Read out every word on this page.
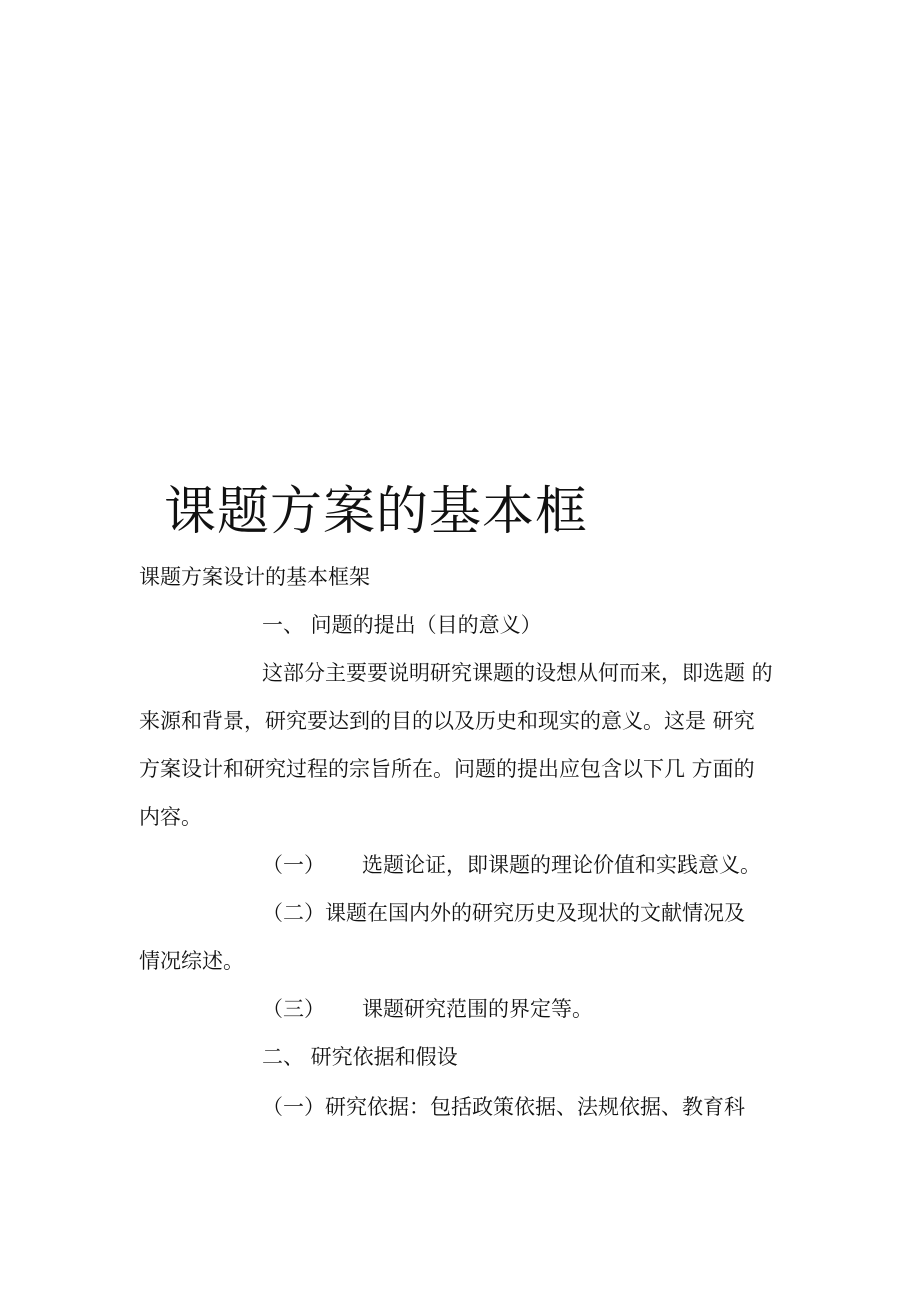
课题方案的基本框
课题方案设计的基本框架
一、 问题的提出（目的意义）
这部分主要要说明研究课题的设想从何而来，即选题 的
来源和背景，研究要达到的目的以及历史和现实的意义。这是 研究
方案设计和研究过程的宗旨所在。问题的提出应包含以下几 方面的
内容。
（一） 选题论证，即课题的理论价值和实践意义。
（二）课题在国内外的研究历史及现状的文献情况及
情况综述。
（三） 课题研究范围的界定等。
二、 研究依据和假设
（一）研究依据：包括政策依据、法规依据、教育科
